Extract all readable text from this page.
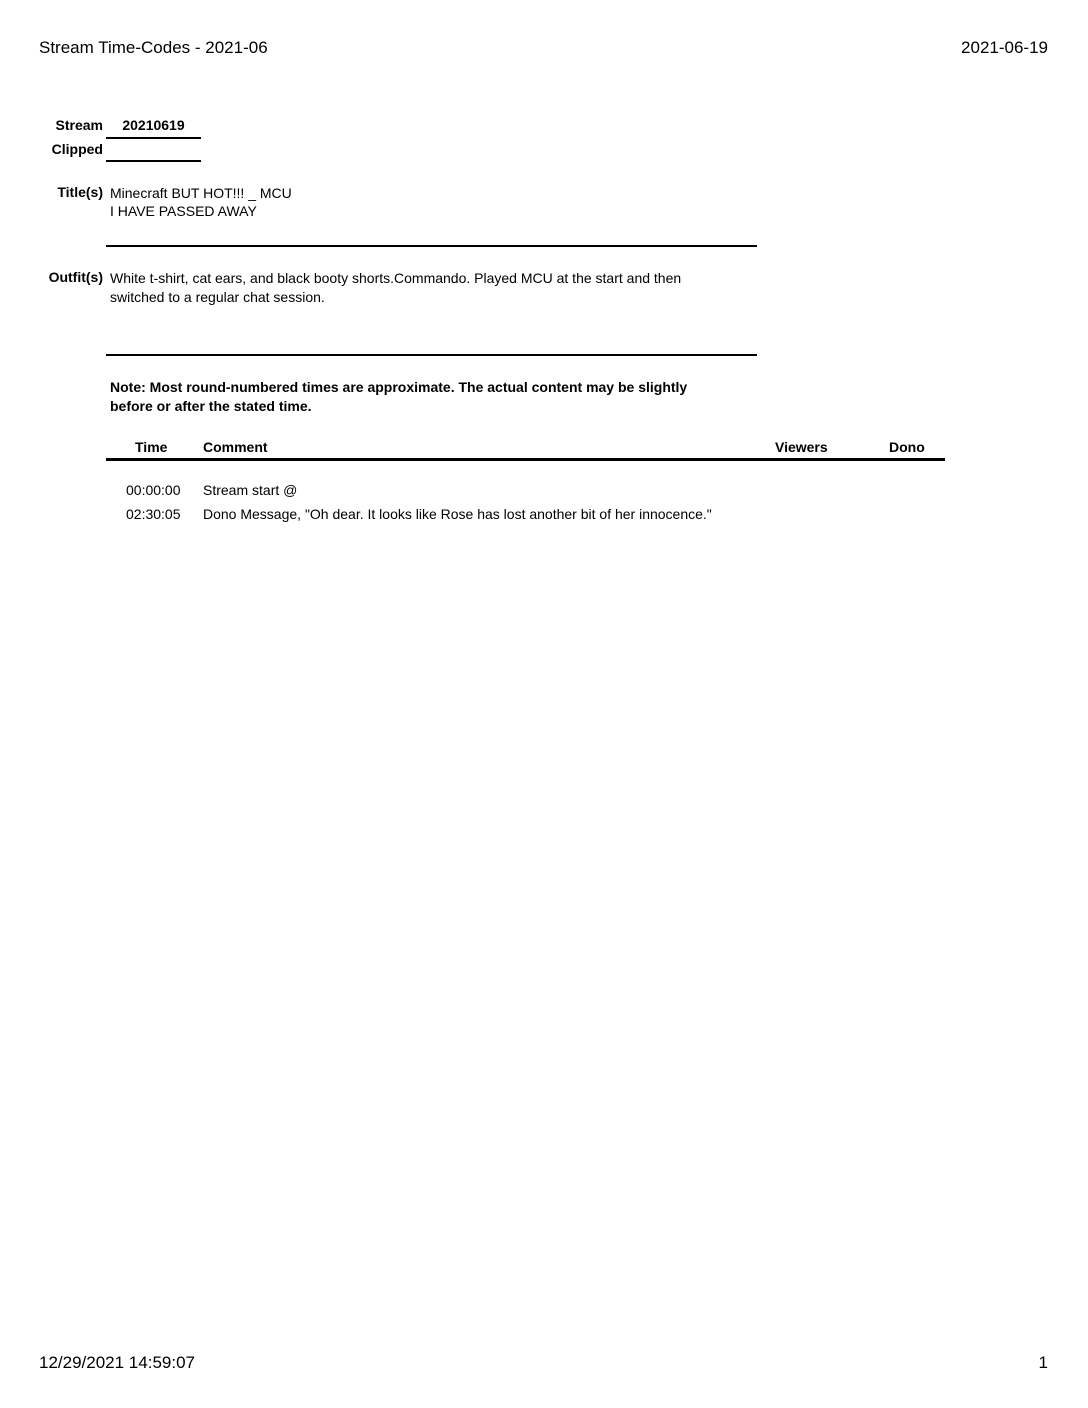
Stream Time-Codes - 2021-06	2021-06-19
Stream	20210619
Clipped
Title(s) Minecraft BUT HOT!!! _ MCU
I HAVE PASSED AWAY
Outfit(s) White t-shirt, cat ears, and black booty shorts.Commando. Played MCU at the start and then switched to a regular chat session.
Note: Most round-numbered times are approximate. The actual content may be slightly before or after the stated time.
Time	Comment	Viewers	Dono
00:00:00 Stream start @
02:30:05 Dono Message, "Oh dear. It looks like Rose has lost another bit of her innocence."
12/29/2021 14:59:07	1
